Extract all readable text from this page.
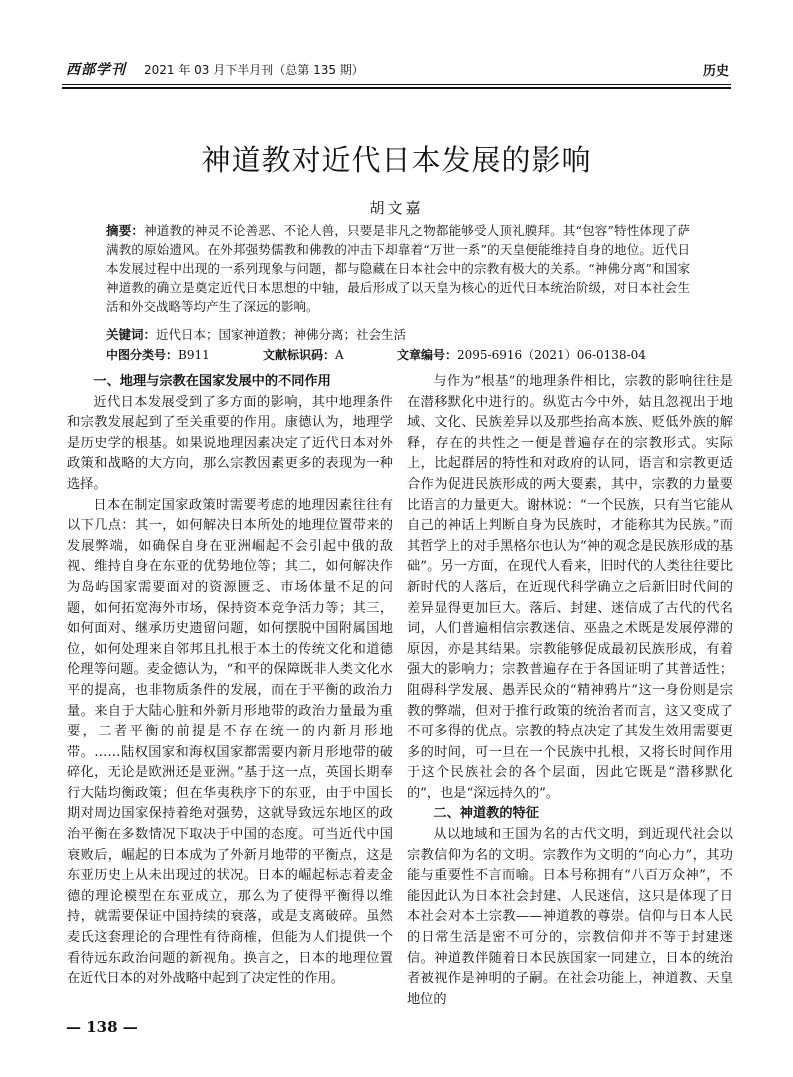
西部学刊 2021 年 03 月下半月刊（总第 135 期）	历史
神道教对近代日本发展的影响
胡文嘉

摘要：神道教的神灵不论善恶、不论人兽，只要是非凡之物都能够受人顶礼膜拜。其“包容”特性体现了萨满教的原始遗风。在外邦强势儒教和佛教的冲击下却靠着“万世一系”的天皇便能维持自身的地位。近代日本发展过程中出现的一系列现象与问题，都与隐藏在日本社会中的宗教有极大的关系。“神佛分离”和国家神道教的确立是奠定近代日本思想的中轴，最后形成了以天皇为核心的近代日本统治阶级，对日本社会生活和外交战略等均产生了深远的影响。

关键词：近代日本；国家神道教；神佛分离；社会生活
中图分类号：B911	文献标识码：A	文章编号：2095-6916（2021）06-0138-04
一、地理与宗教在国家发展中的不同作用

近代日本发展受到了多方面的影响，其中地理条件和宗教发展起到了至关重要的作用。康德认为，地理学是历史学的根基。如果说地理因素决定了近代日本对外政策和战略的大方向，那么宗教因素更多的表现为一种选择。

日本在制定国家政策时需要考虑的地理因素往往有以下几点：其一，如何解决日本所处的地理位置带来的发展弊端，如确保自身在亚洲崛起不会引起中俄的敌视、维持自身在东亚的优势地位等；其二，如何解决作为岛屿国家需要面对的资源匮乏、市场体量不足的问题，如何拓宽海外市场，保持资本竞争活力等；其三，如何面对、继承历史遗留问题，如何摆脱中国附属国地位，如何处理来自邻邦且扎根于本土的传统文化和道德伦理等问题。麦金德认为，“和平的保障既非人类文化水平的提高，也非物质条件的发展，而在于平衡的政治力量。来自于大陆心脏和外新月形地带的政治力量最为重要，二者平衡的前提是不存在统一的内新月形地带。……陆权国家和海权国家都需要内新月形地带的破碎化，无论是欧洲还是亚洲。”基于这一点，英国长期奉行大陆均衡政策；但在华夷秩序下的东亚，由于中国长期对周边国家保持着绝对强势，这就导致远东地区的政治平衡在多数情况下取决于中国的态度。可当近代中国衰败后，崛起的日本成为了外新月地带的平衡点，这是东亚历史上从未出现过的状况。日本的崛起标志着麦金德的理论模型在东亚成立，那么为了使得平衡得以维持，就需要保证中国持续的衰落，或是支离破碎。虽然麦氏这套理论的合理性有待商榷，但能为人们提供一个看待远东政治问题的新视角。换言之，日本的地理位置在近代日本的对外战略中起到了决定性的作用。

与作为“根基”的地理条件相比，宗教的影响往往是在潜移默化中进行的。纵览古今中外，姑且忽视出于地域、文化、民族差异以及那些抬高本族、贬低外族的解释，存在的共性之一便是普遍存在的宗教形式。实际上，比起群居的特性和对政府的认同，语言和宗教更适合作为促进民族形成的两大要素，其中，宗教的力量要比语言的力量更大。谢林说：“一个民族，只有当它能从自己的神话上判断自身为民族时，才能称其为民族。”而其哲学上的对手黑格尔也认为“神的观念是民族形成的基础”。另一方面，在现代人看来，旧时代的人类往往要比新时代的人落后，在近现代科学确立之后新旧时代间的差异显得更加巨大。落后、封建、迷信成了古代的代名词，人们普遍相信宗教迷信、巫蛊之术既是发展停滞的原因，亦是其结果。宗教能够促成最初民族形成，有着强大的影响力；宗教普遍存在于各国证明了其普适性；阻碍科学发展、愚弄民众的“精神鸦片”这一身份则是宗教的弊端，但对于推行政策的统治者而言，这又变成了不可多得的优点。宗教的特点决定了其发生效用需要更多的时间，可一旦在一个民族中扎根，又将长时间作用于这个民族社会的各个层面，因此它既是“潜移默化的”，也是“深远持久的”。

二、神道教的特征

从以地域和王国为名的古代文明，到近现代社会以宗教信仰为名的文明。宗教作为文明的“向心力”，其功能与重要性不言而喻。日本号称拥有“八百万众神”，不能因此认为日本社会封建、人民迷信，这只是体现了日本社会对本土宗教——神道教的尊崇。信仰与日本人民的日常生活是密不可分的，宗教信仰并不等于封建迷信。神道教伴随着日本民族国家一同建立，日本的统治者被视作是神明的子嗣。在社会功能上，神道教、天皇地位的

— 138 —
